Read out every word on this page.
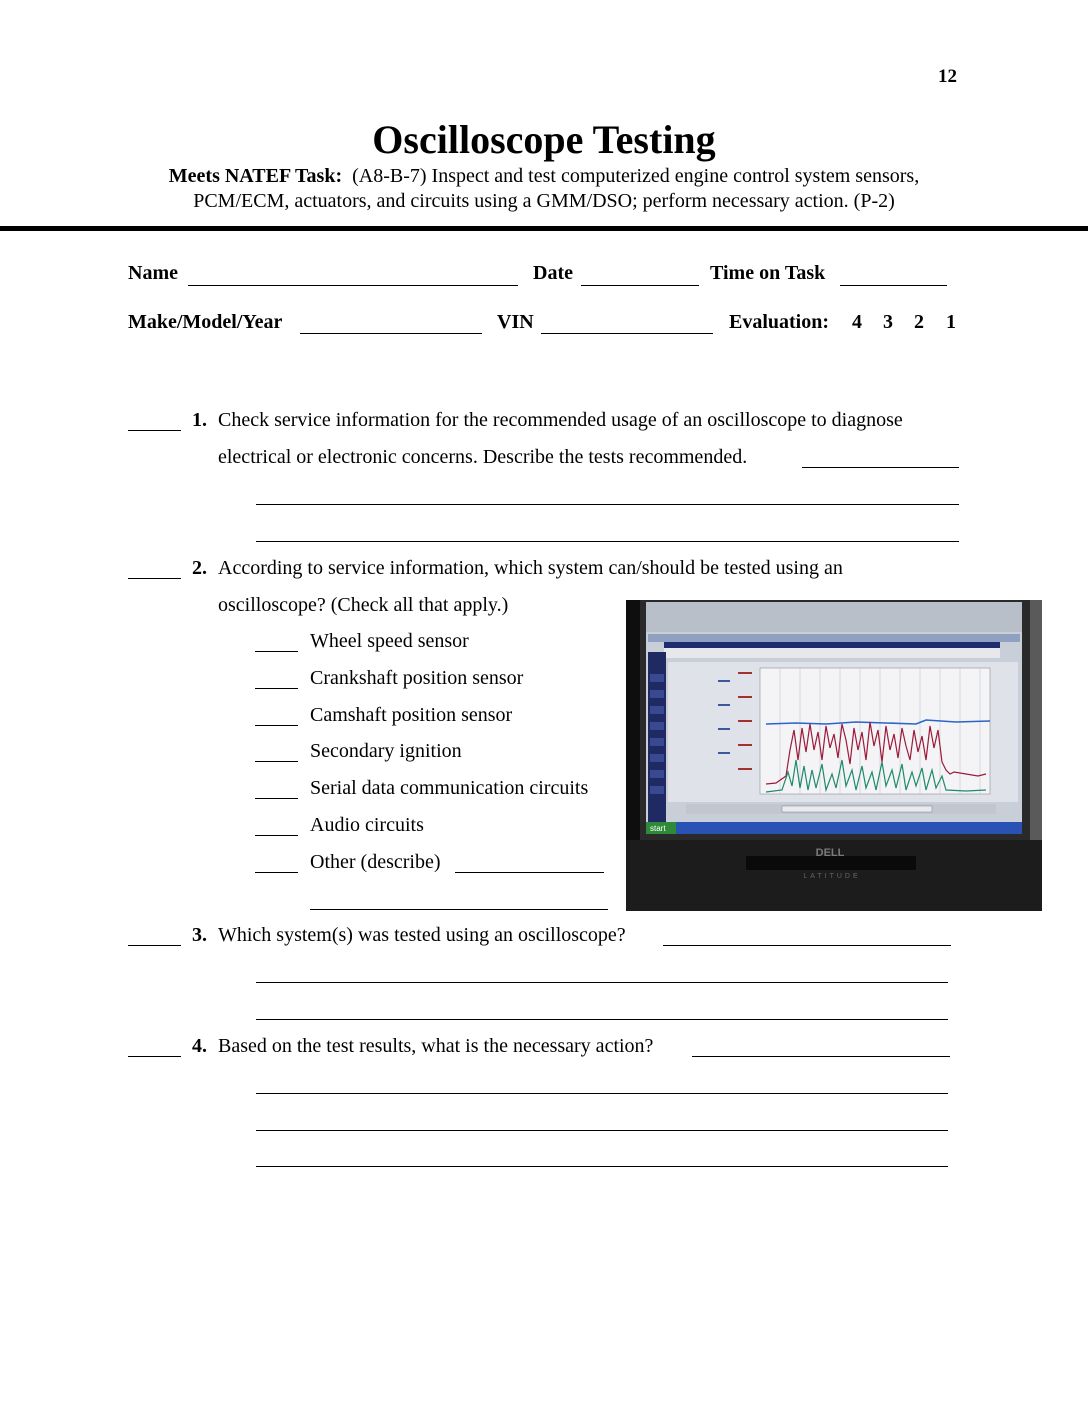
12
Oscilloscope Testing
Meets NATEF Task: (A8-B-7) Inspect and test computerized engine control system sensors,
PCM/ECM, actuators, and circuits using a GMM/DSO; perform necessary action. (P-2)
Name	Date	Time on Task
Make/Model/Year	VIN	Evaluation: 4 3 2 1
1. Check service information for the recommended usage of an oscilloscope to diagnose
electrical or electronic concerns. Describe the tests recommended.
2. According to service information, which system can/should be tested using an
oscilloscope? (Check all that apply.)
Wheel speed sensor
Crankshaft position sensor
Camshaft position sensor
Secondary ignition
Serial data communication circuits
Audio circuits
Other (describe)
start
DELL
LATITUDE
3. Which system(s) was tested using an oscilloscope?
4. Based on the test results, what is the necessary action?
